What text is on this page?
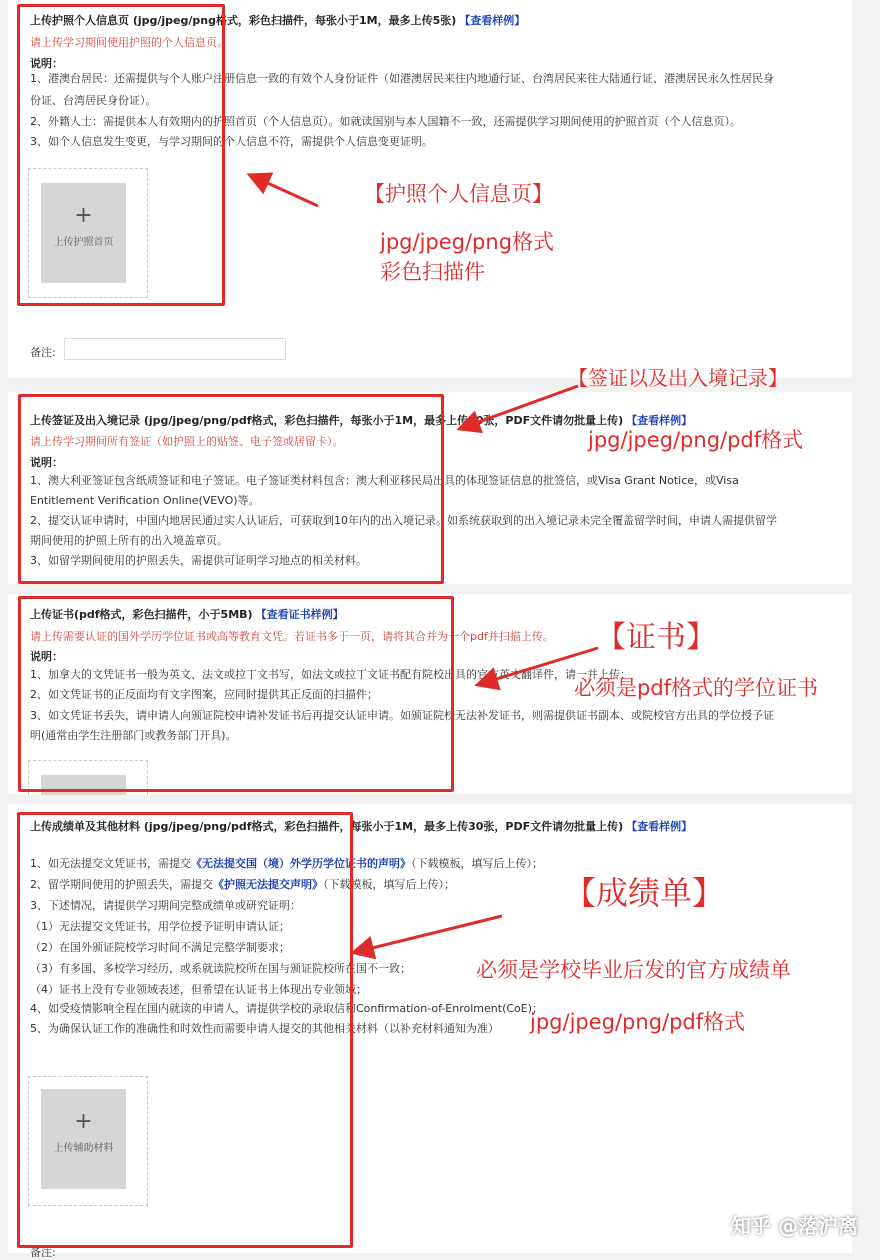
上传护照个人信息页 (jpg/jpeg/png格式，彩色扫描件，每张小于1M，最多上传5张) 【查看样例】
请上传学习期间使用护照的个人信息页。
说明：
1、港澳台居民：还需提供与个人账户注册信息一致的有效个人身份证件（如港澳居民来往内地通行证、台湾居民来往大陆通行证、港澳居民永久性居民身
份证、台湾居民身份证）。
2、外籍人士：需提供本人有效期内的护照首页（个人信息页）。如就读国别与本人国籍不一致，还需提供学习期间使用的护照首页（个人信息页）。
3、如个人信息发生变更，与学习期间的个人信息不符，需提供个人信息变更证明。
+
上传护照首页
备注:
上传签证及出入境记录 (jpg/jpeg/png/pdf格式，彩色扫描件，每张小于1M，最多上传50张，PDF文件请勿批量上传) 【查看样例】
请上传学习期间所有签证（如护照上的贴签、电子签或居留卡）。
说明：
1、澳大利亚签证包含纸质签证和电子签证。电子签证类材料包含：澳大利亚移民局出具的体现签证信息的批签信，或Visa Grant Notice，或Visa
Entitlement Verification Online(VEVO)等。
2、提交认证申请时，中国内地居民通过实人认证后，可获取到10年内的出入境记录。如系统获取到的出入境记录未完全覆盖留学时间，申请人需提供留学
期间使用的护照上所有的出入境盖章页。
3、如留学期间使用的护照丢失，需提供可证明学习地点的相关材料。
上传证书(pdf格式，彩色扫描件，小于5MB) 【查看证书样例】
请上传需要认证的国外学历学位证书或高等教育文凭。若证书多于一页，请将其合并为一个pdf并扫描上传。
说明：
1、加拿大的文凭证书一般为英文、法文或拉丁文书写，如法文或拉丁文证书配有院校出具的官方英文翻译件，请一并上传；
2、如文凭证书的正反面均有文字图案，应同时提供其正反面的扫描件；
3、如文凭证书丢失，请申请人向颁证院校申请补发证书后再提交认证申请。如颁证院校无法补发证书，则需提供证书副本、或院校官方出具的学位授予证
明(通常由学生注册部门或教务部门开具)。
上传成绩单及其他材料 (jpg/jpeg/png/pdf格式，彩色扫描件，每张小于1M，最多上传30张，PDF文件请勿批量上传) 【查看样例】
1、如无法提交文凭证书，需提交《无法提交国（境）外学历学位证书的声明》（下载模板，填写后上传）；
2、留学期间使用的护照丢失，需提交《护照无法提交声明》（下载模板，填写后上传）；
3、下述情况，请提供学习期间完整成绩单或研究证明：
（1）无法提交文凭证书，用学位授予证明申请认证；
（2）在国外颁证院校学习时间不满足完整学制要求；
（3）有多国、多校学习经历，或系就读院校所在国与颁证院校所在国不一致；
（4）证书上没有专业领域表述，但希望在认证书上体现出专业领域；
4、如受疫情影响全程在国内就读的申请人，请提供学校的录取信和Confirmation-of-Enrolment(CoE)；
5、为确保认证工作的准确性和时效性而需要申请人提交的其他相关材料（以补充材料通知为准）
+
上传辅助材料
备注:
【护照个人信息页】
jpg/jpeg/png格式
彩色扫描件
【签证以及出入境记录】
jpg/jpeg/png/pdf格式
【证书】
必须是pdf格式的学位证书
【成绩单】
必须是学校毕业后发的官方成绩单
jpg/jpeg/png/pdf格式
知乎 @落沪离
